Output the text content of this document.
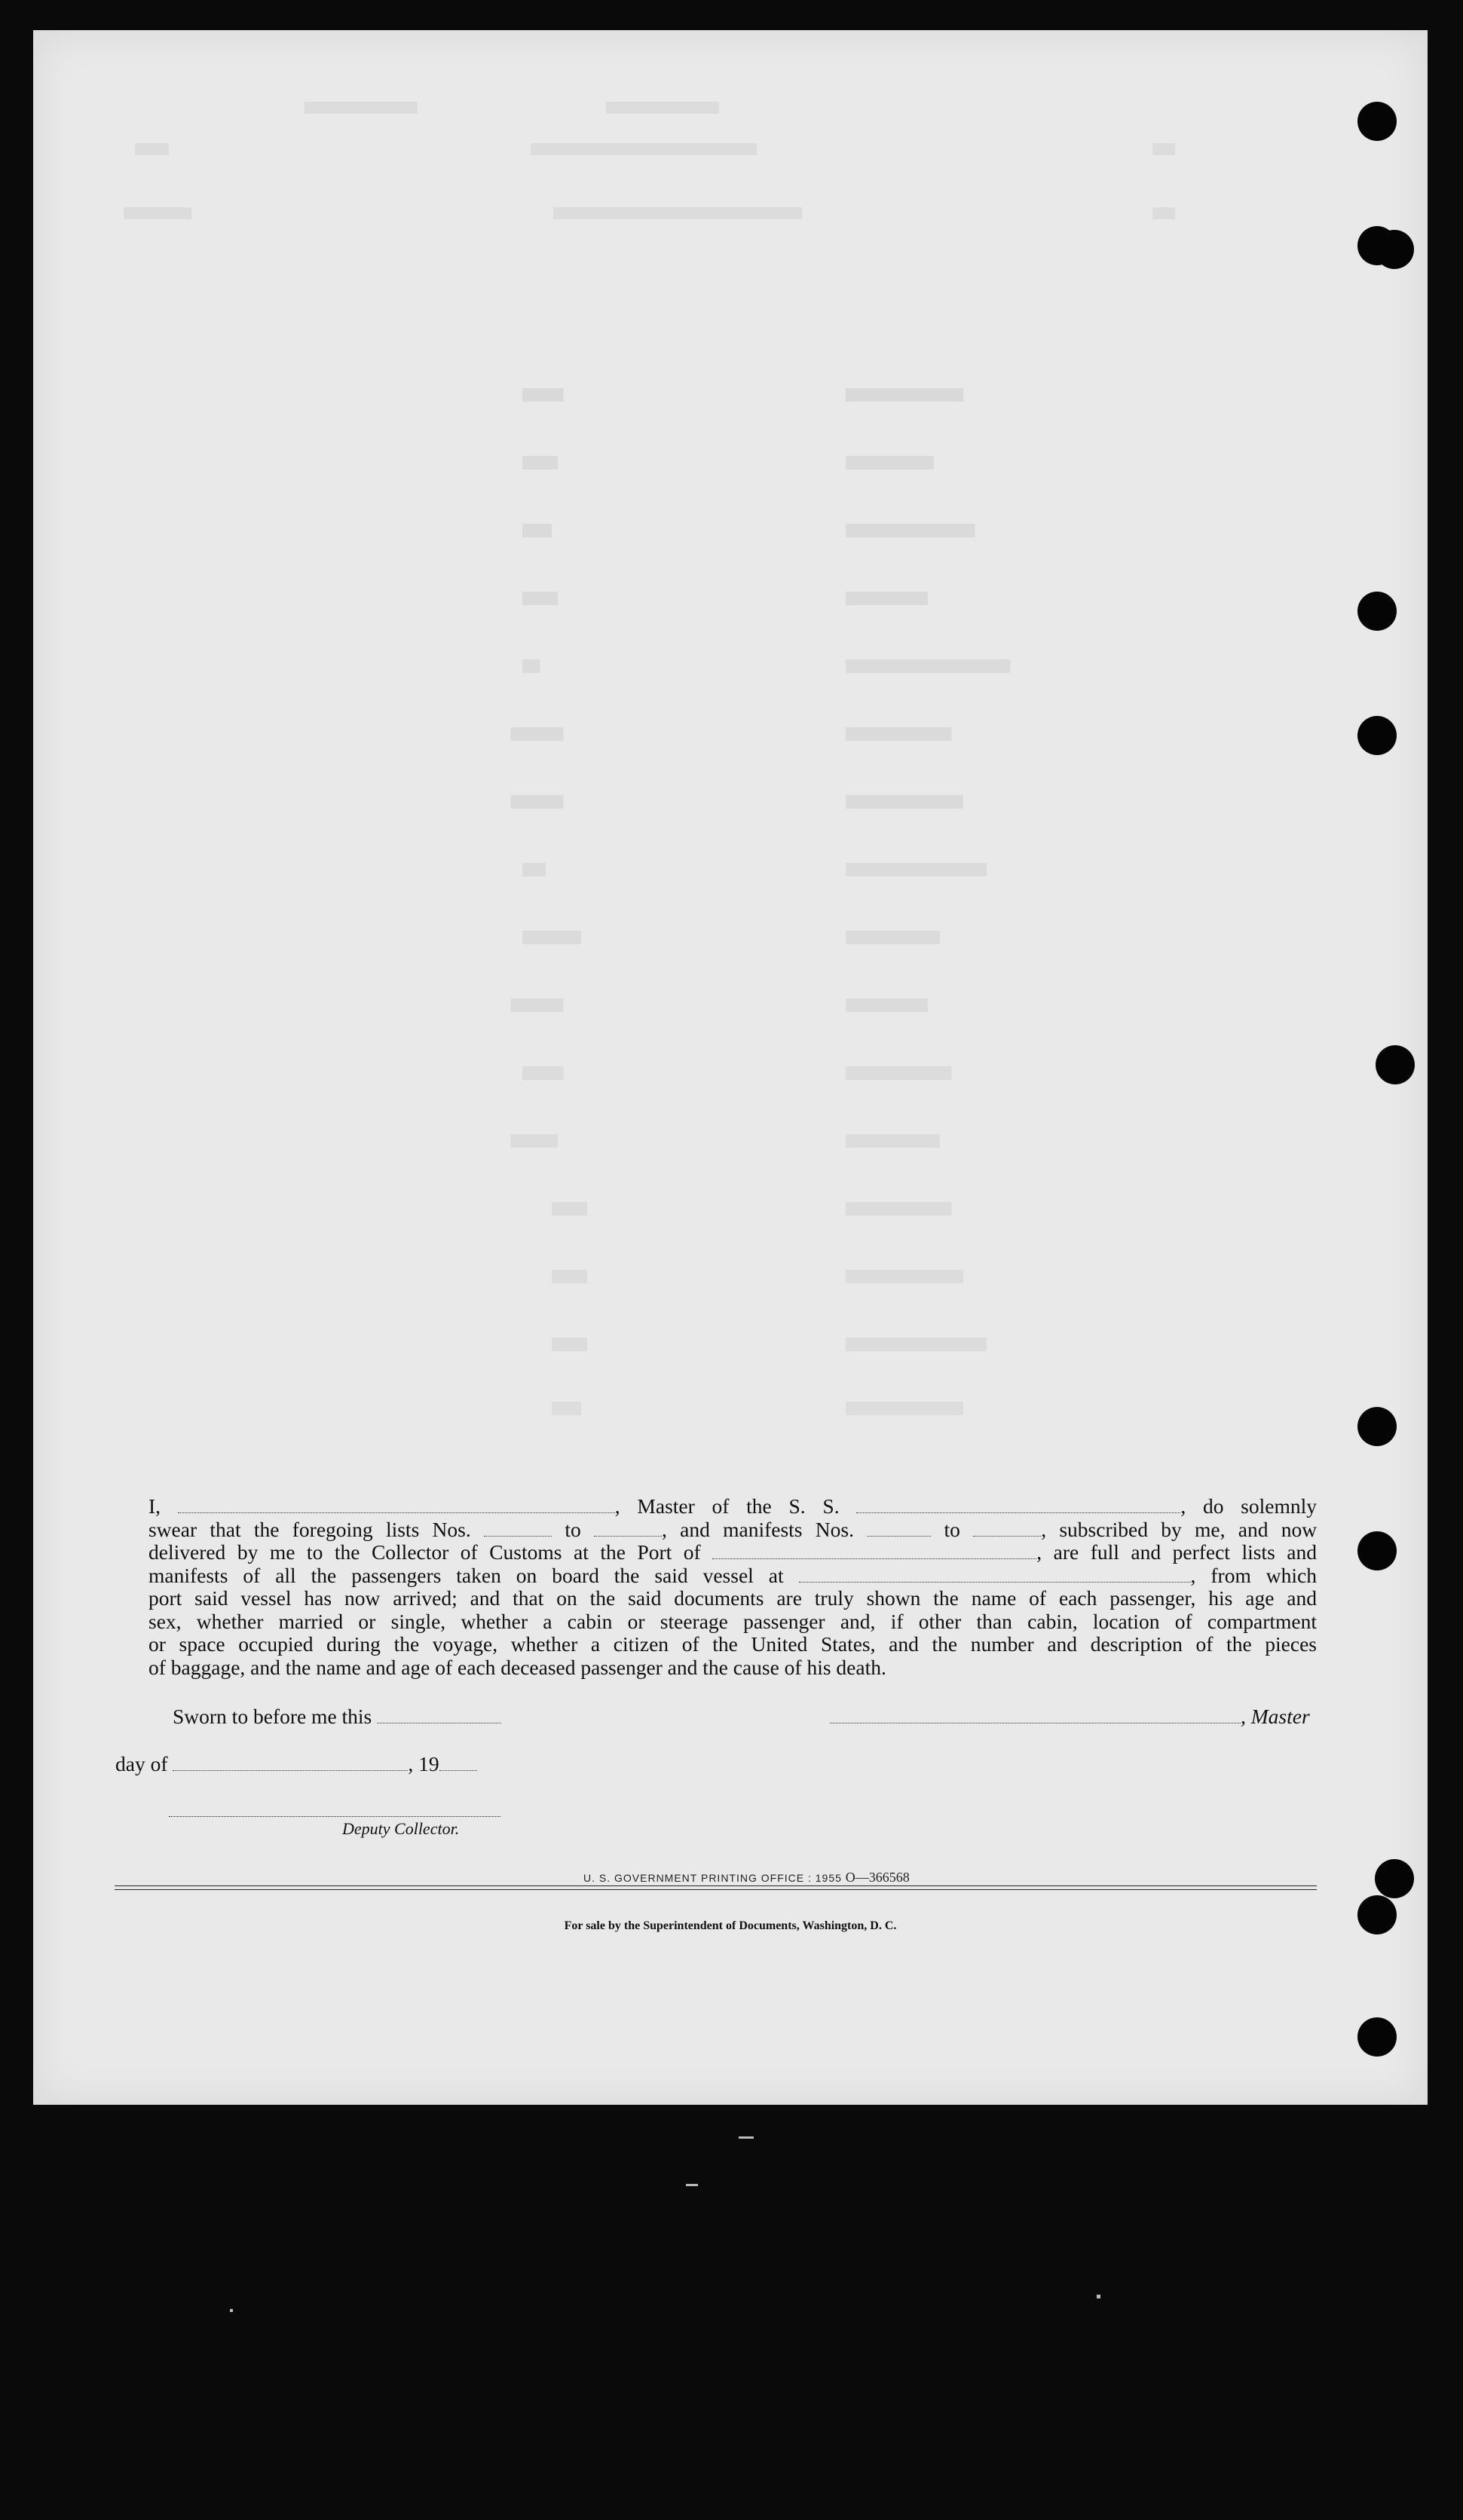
I,	, Master of the S. S.	, do solemnly
swear that the foregoing lists Nos.	to	, and manifests Nos.	to	, subscribed by me, and now
delivered by me to the Collector of Customs at the Port of	, are full and perfect lists and
manifests of all the passengers taken on board the said vessel at	, from which
port said vessel has now arrived; and that on the said documents are truly shown the name of each passenger, his age and
sex, whether married or single, whether a cabin or steerage passenger and, if other than cabin, location of compartment
or space occupied during the voyage, whether a citizen of the United States, and the number and description of the pieces
of baggage, and the name and age of each deceased passenger and the cause of his death.
Sworn to before me this	, Master
day of	, 19
Deputy Collector.
U. S. GOVERNMENT PRINTING OFFICE : 1955 O—366568
For sale by the Superintendent of Documents, Washington, D. C.
